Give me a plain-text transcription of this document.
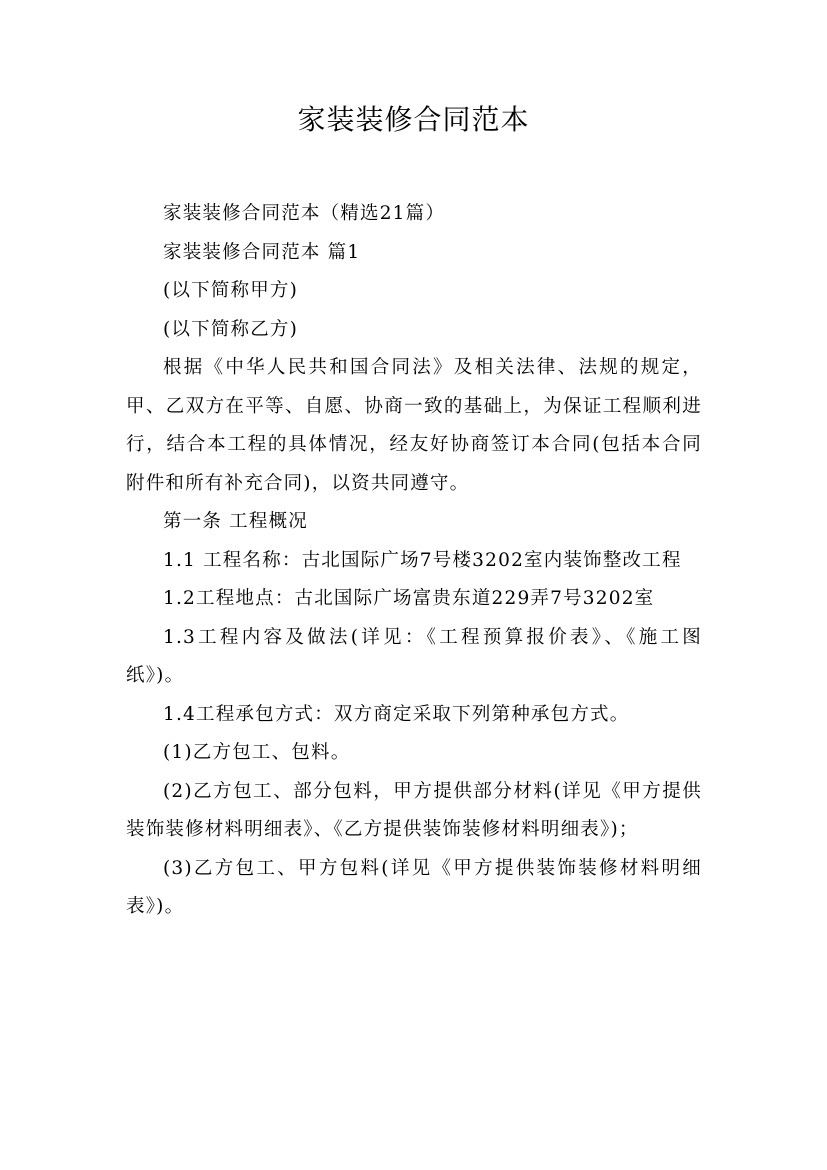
家装装修合同范本

家装装修合同范本（精选21篇）

家装装修合同范本 篇1

(以下简称甲方)

(以下简称乙方)

根据《中华人民共和国合同法》及相关法律、法规的规定，甲、乙双方在平等、自愿、协商一致的基础上，为保证工程顺利进行，结合本工程的具体情况，经友好协商签订本合同(包括本合同附件和所有补充合同)，以资共同遵守。

第一条 工程概况

1.1 工程名称：古北国际广场7号楼3202室内装饰整改工程

1.2工程地点：古北国际广场富贵东道229弄7号3202室

1.3工程内容及做法(详见：《工程预算报价表》、《施工图纸》)。

1.4工程承包方式：双方商定采取下列第种承包方式。

(1)乙方包工、包料。

(2)乙方包工、部分包料，甲方提供部分材料(详见《甲方提供装饰装修材料明细表》、《乙方提供装饰装修材料明细表》)；

(3)乙方包工、甲方包料(详见《甲方提供装饰装修材料明细表》)。
